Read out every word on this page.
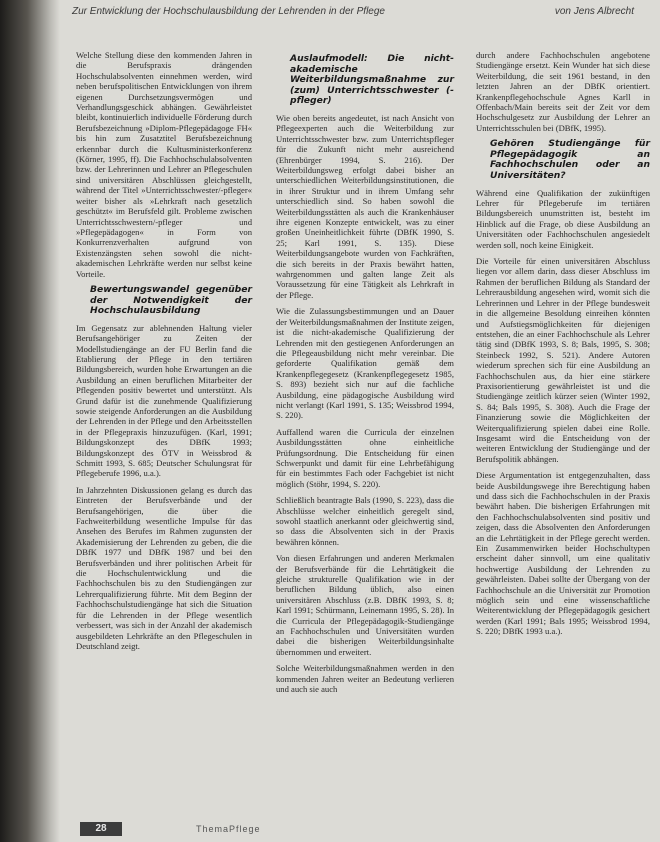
Zur Entwicklung der Hochschulausbildung der Lehrenden in der Pflege	von Jens Albrecht

Welche Stellung diese den kommenden Jahren in die Berufspraxis drängenden Hochschulabsolventen einnehmen werden, wird neben berufspolitischen Entwicklungen von ihrem eigenen Durchsetzungsvermögen und Verhandlungsgeschick abhängen. Gewährleistet bleibt, kontinuierlich individuelle Förderung durch Berufsbezeichnung »Diplom-Pflegepädagoge FH« bis hin zum Zusatztitel Berufsbezeichnung erkennbar durch die Kultusministerkonferenz (Körner, 1995, ff). Die Fachhochschulabsolventen bzw. der Lehrerinnen und Lehrer an Pflegeschulen sind universitären Abschlüssen gleichgestellt, während der Titel »Unterrichtsschwester/-pfleger« weiter bisher als »Lehrkraft nach gesetzlich geschützt« im Berufsfeld gilt. Probleme zwischen Unterrichtsschwestern/-pfleger und »Pflegepädagogen« in Form von Konkurrenzverhalten aufgrund von Existenzängsten sehen sowohl die nicht-akademischen Lehrkräfte werden nur selbst keine Vorteile.

Bewertungswandel gegenüber der Notwendigkeit der Hochschulausbildung

Im Gegensatz zur ablehnenden Haltung vieler Berufsangehöriger zu Zeiten der Modellstudiengänge an der FU Berlin fand die Etablierung der Pflege in den tertiären Bildungsbereich, wurden hohe Erwartungen an die Ausbildung an einen beruflichen Mitarbeiter der Pflegenden positiv bewertet und unterstützt. Als Grund dafür ist die zunehmende Qualifizierung sowie steigende Anforderungen an die Ausbildung der Lehrenden in der Pflege und den Arbeitsstellen in der Pflegepraxis hinzuzufügen. (Karl, 1991; Bildungskonzept des DBfK 1993; Bildungskonzept des ÖTV in Weissbrod & Schmitt 1993, S. 685; Deutscher Schulungsrat für Pflegeberufe 1996, u.a.).

In Jahrzehnten Diskussionen gelang es durch das Eintreten der Berufsverbände und der Berufsangehörigen, die über die Fachweiterbildung wesentliche Impulse für das Ansehen des Berufes im Rahmen zugunsten der Akademisierung der Lehrenden zu geben, die die DBfK 1977 und DBfK 1987 und bei den Berufsverbänden und ihrer politischen Arbeit für die Hochschulentwicklung und die Fachhochschulen bis zu den Studiengängen zur Lehrerqualifizierung führte. Mit dem Beginn der Fachhochschulstudiengänge hat sich die Situation für die Lehrenden in der Pflege wesentlich verbessert, was sich in der Anzahl der akademisch ausgebildeten Lehrkräfte an den Pflegeschulen in Deutschland zeigt.

Auslaufmodell: Die nicht-akademische Weiterbildungsmaßnahme zur (zum) Unterrichtsschwester (-pfleger)

Wie oben bereits angedeutet, ist nach Ansicht von Pflegeexperten auch die Weiterbildung zur Unterrichtsschwester bzw. zum Unterrichtspfleger für die Zukunft nicht mehr ausreichend (Ehrenbürger 1994, S. 216). Der Weiterbildungsweg erfolgt dabei bisher an unterschiedlichen Weiterbildungsinstitutionen, die in ihrer Struktur und in ihrem Umfang sehr unterschiedlich sind. So haben sowohl die Weiterbildungsstätten als auch die Krankenhäuser ihre eigenen Konzepte entwickelt, was zu einer großen Uneinheitlichkeit führte (DBfK 1990, S. 25; Karl 1991, S. 135). Diese Weiterbildungsangebote wurden von Fachkräften, die sich bereits in der Praxis bewährt hatten, wahrgenommen und galten lange Zeit als Voraussetzung für eine Tätigkeit als Lehrkraft in der Pflege.

Wie die Zulassungsbestimmungen und an Dauer der Weiterbildungsmaßnahmen der Institute zeigen, ist die nicht-akademische Qualifizierung der Lehrenden mit den gestiegenen Anforderungen an die Pflegeausbildung nicht mehr vereinbar. Die geforderte Qualifikation gemäß dem Krankenpflegegesetz (Krankenpflegegesetz 1985, S. 893) bezieht sich nur auf die fachliche Ausbildung, eine pädagogische Ausbildung wird nicht verlangt (Karl 1991, S. 135; Weissbrod 1994, S. 220).

Auffallend waren die Curricula der einzelnen Ausbildungsstätten ohne einheitliche Prüfungsordnung. Die Entscheidung für einen Schwerpunkt und damit für eine Lehrbefähigung für ein bestimmtes Fach oder Fachgebiet ist nicht möglich (Stöhr, 1994, S. 220).

Schließlich beantragte Bals (1990, S. 223), dass die Abschlüsse welcher einheitlich geregelt sind, sowohl staatlich anerkannt oder gleichwertig sind, so dass die Absolventen sich in der Praxis bewähren können.

Von diesen Erfahrungen und anderen Merkmalen der Berufsverbände für die Lehrtätigkeit die gleiche strukturelle Qualifikation wie in der beruflichen Bildung üblich, also einen universitären Abschluss (z.B. DBfK 1993, S. 8; Karl 1991; Schürmann, Leinemann 1995, S. 28). In die Curricula der Pflegepädagogik-Studiengänge an Fachhochschulen und Universitäten wurden dabei die bisherigen Weiterbildungsinhalte übernommen und erweitert.

Solche Weiterbildungsmaßnahmen werden in den kommenden Jahren weiter an Bedeutung verlieren und auch sie auch

durch andere Fachhochschulen angebotene Studiengänge ersetzt. Kein Wunder hat sich diese Weiterbildung, die seit 1961 bestand, in den letzten Jahren an der DBfK orientiert. Krankenpflegehochschule Agnes Karll in Offenbach/Main bereits seit der Zeit vor dem Hochschulgesetz zur Ausbildung der Lehrer an Unterrichtsschulen bei (DBfK, 1995).

Gehören Studiengänge für Pflegepädagogik an Fachhochschulen oder an Universitäten?

Während eine Qualifikation der zukünftigen Lehrer für Pflegeberufe im tertiären Bildungsbereich unumstritten ist, besteht im Hinblick auf die Frage, ob diese Ausbildung an Universitäten oder Fachhochschulen angesiedelt werden soll, noch keine Einigkeit.

Die Vorteile für einen universitären Abschluss liegen vor allem darin, dass dieser Abschluss im Rahmen der beruflichen Bildung als Standard der Lehrerausbildung angesehen wird, womit sich die Lehrerinnen und Lehrer in der Pflege bundesweit in die allgemeine Besoldung einreihen könnten und Aufstiegsmöglichkeiten für diejenigen entstehen, die an einer Fachhochschule als Lehrer tätig sind (DBfK 1993, S. 8; Bals, 1995, S. 308; Steinbeck 1992, S. 521). Andere Autoren wiederum sprechen sich für eine Ausbildung an Fachhochschulen aus, da hier eine stärkere Praxisorientierung gewährleistet ist und die Studiengänge zeitlich kürzer seien (Winter 1992, S. 84; Bals 1995, S. 308). Auch die Frage der Finanzierung sowie die Möglichkeiten der Weiterqualifizierung spielen dabei eine Rolle. Insgesamt wird die Entscheidung von der weiteren Entwicklung der Studiengänge und der Berufspolitik abhängen.

Diese Argumentation ist entgegenzuhalten, dass beide Ausbildungswege ihre Berechtigung haben und dass sich die Fachhochschulen in der Praxis bewährt haben. Die bisherigen Erfahrungen mit den Fachhochschulabsolventen sind positiv und zeigen, dass die Absolventen den Anforderungen an die Lehrtätigkeit in der Pflege gerecht werden. Ein Zusammenwirken beider Hochschultypen erscheint daher sinnvoll, um eine qualitativ hochwertige Ausbildung der Lehrenden zu gewährleisten. Dabei sollte der Übergang von der Fachhochschule an die Universität zur Promotion möglich sein und eine wissenschaftliche Weiterentwicklung der Pflegepädagogik gesichert werden (Karl 1991; Bals 1995; Weissbrod 1994, S. 220; DBfK 1993 u.a.).

28	ThemaPflege
